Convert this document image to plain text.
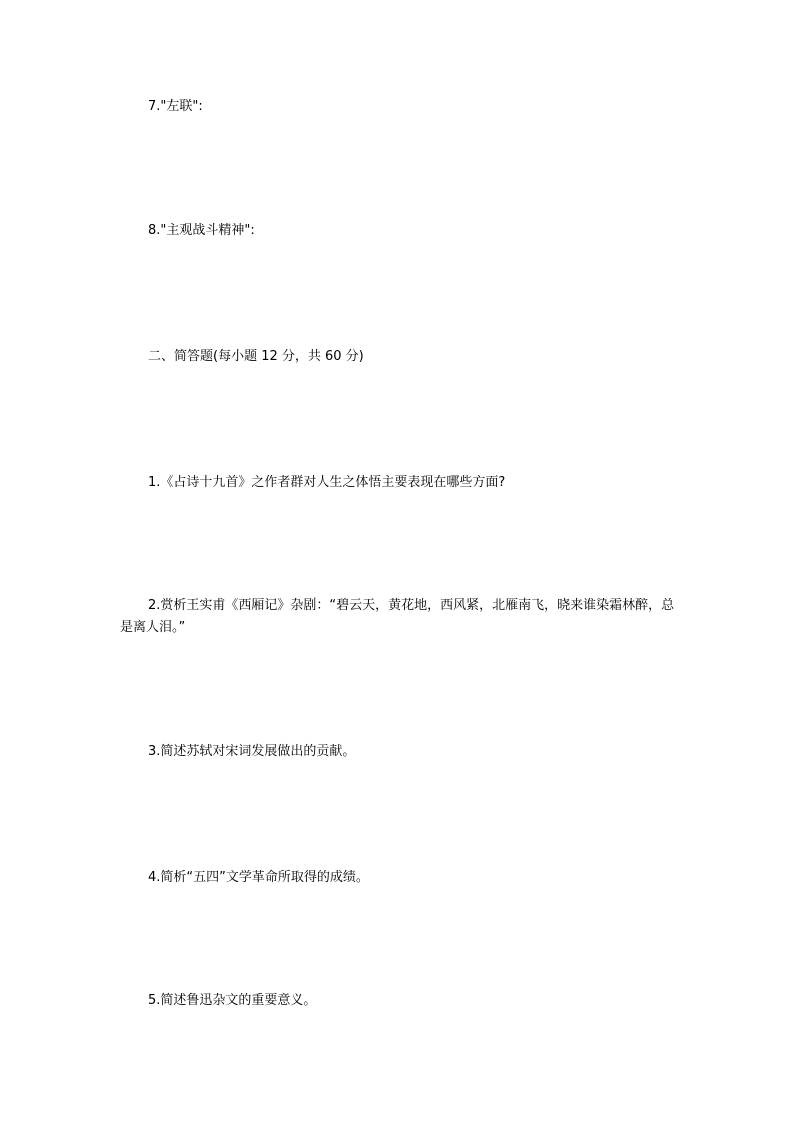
7."左联":
8."主观战斗精神":
二、简答题(每小题 12 分，共 60 分)
1.《占诗十九首》之作者群对人生之体悟主要表现在哪些方面?
2.赏析王实甫《西厢记》杂剧：“碧云天，黄花地，西风紧，北雁南飞，晓来谁染霜林醉，总是离人泪。”
3.简述苏轼对宋词发展做出的贡献。
4.简析“五四”文学革命所取得的成绩。
5.简述鲁迅杂文的重要意义。
